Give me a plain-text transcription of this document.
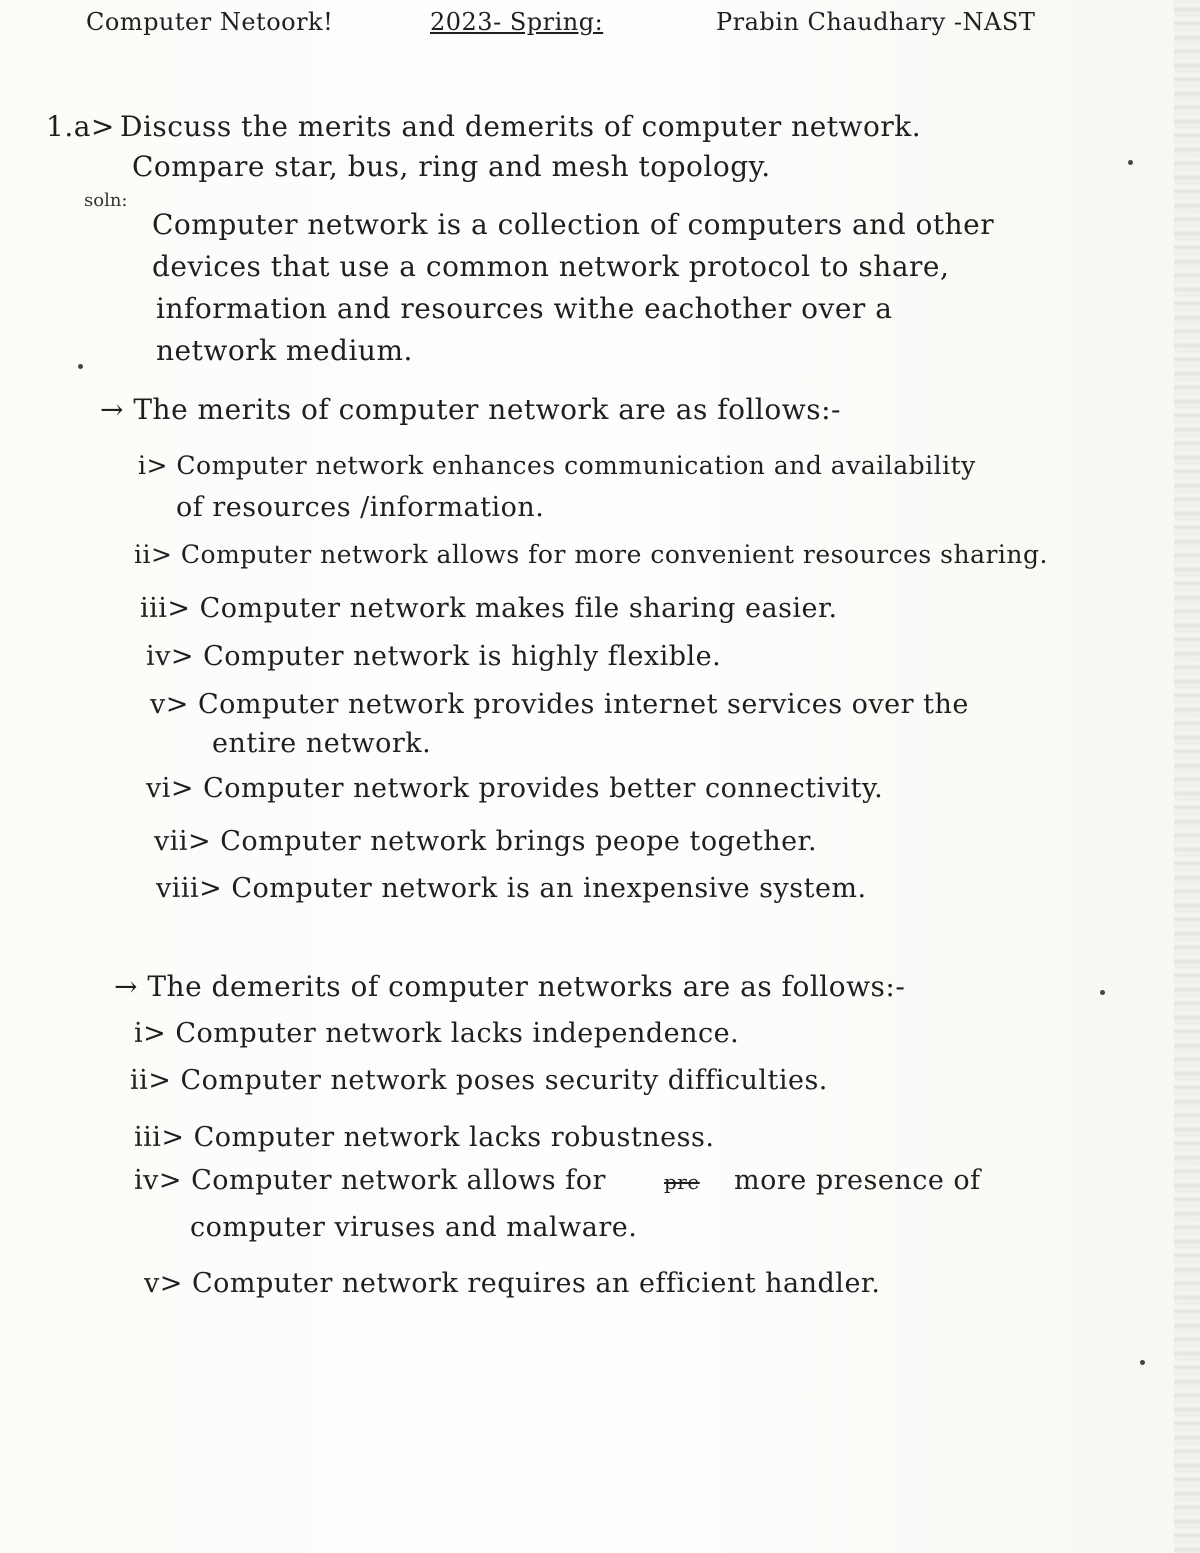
Computer Netoork!	2023- Spring:	Prabin Chaudhary -NAST
1.a> Discuss the merits and demerits of computer network.
Compare star, bus, ring and mesh topology.
soln:
Computer network is a collection of computers and other
devices that use a common network protocol to share,
information and resources withe eachother over a
network medium.
→ The merits of computer network are as follows:-
i> Computer network enhances communication and availability
of resources /information.
ii> Computer network allows for more convenient resources sharing.
iii> Computer network makes file sharing easier.
iv> Computer network is highly flexible.
v> Computer network provides internet services over the
entire network.
vi> Computer network provides better connectivity.
vii> Computer network brings peope together.
viii> Computer network is an inexpensive system.
→ The demerits of computer networks are as follows:-
i> Computer network lacks independence.
ii> Computer network poses security difficulties.
iii> Computer network lacks robustness.
iv> Computer network allows for	pre more presence of
computer viruses and malware.
v> Computer network requires an efficient handler.
